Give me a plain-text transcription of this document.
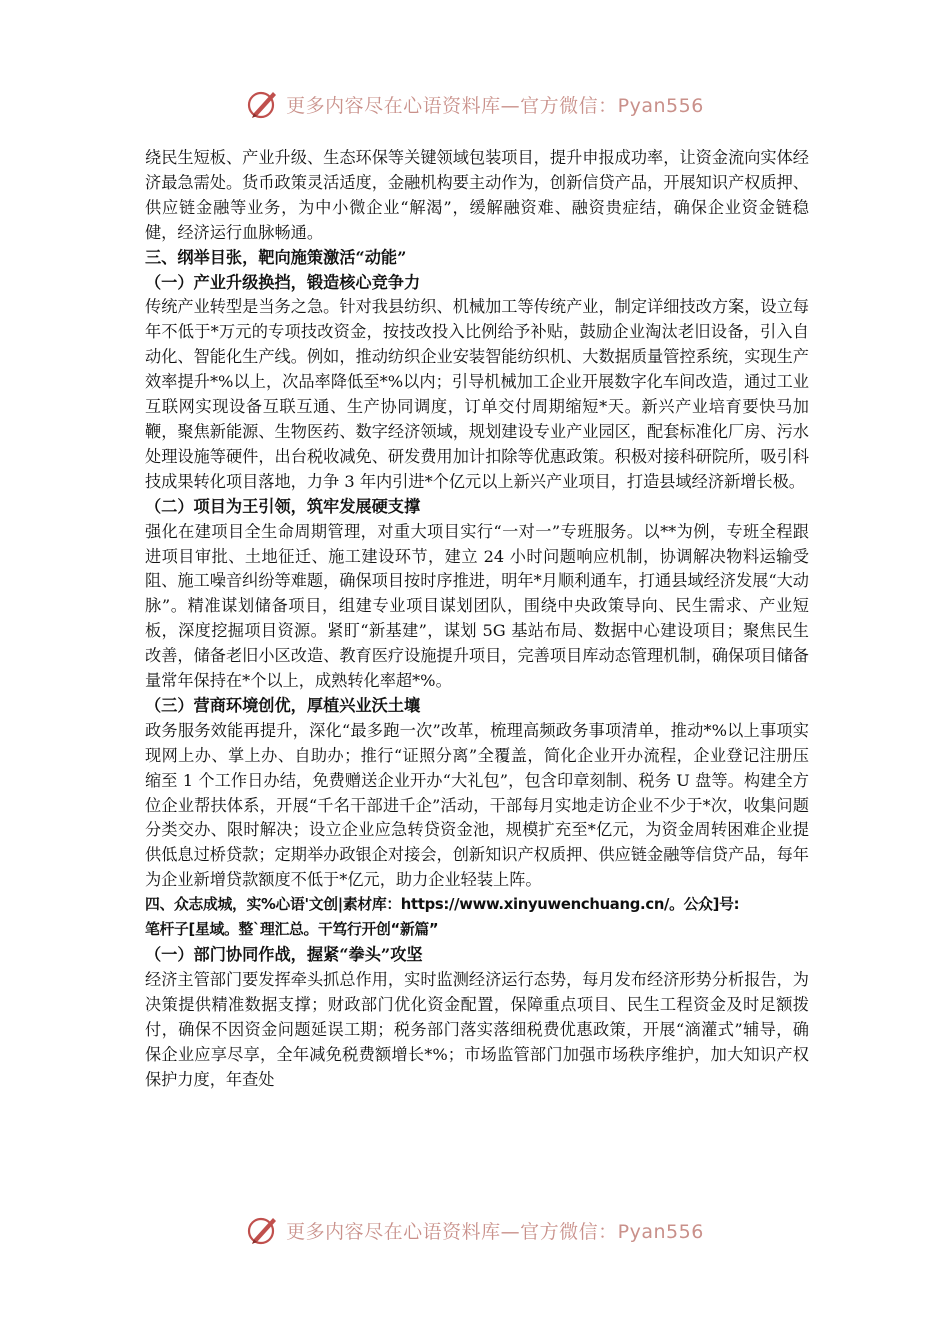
更多内容尽在心语资料库—官方微信：Pyan556

绕民生短板、产业升级、生态环保等关键领域包装项目，提升申报成功率，让资金流向实体经济最急需处。货币政策灵活适度，金融机构要主动作为，创新信贷产品，开展知识产权质押、供应链金融等业务，为中小微企业“解渴”，缓解融资难、融资贵症结，确保企业资金链稳健，经济运行血脉畅通。

三、纲举目张，靶向施策激活“动能”

（一）产业升级换挡，锻造核心竞争力

传统产业转型是当务之急。针对我县纺织、机械加工等传统产业，制定详细技改方案，设立每年不低于*万元的专项技改资金，按技改投入比例给予补贴，鼓励企业淘汰老旧设备，引入自动化、智能化生产线。例如，推动纺织企业安装智能纺织机、大数据质量管控系统，实现生产效率提升*%以上，次品率降低至*%以内；引导机械加工企业开展数字化车间改造，通过工业互联网实现设备互联互通、生产协同调度，订单交付周期缩短*天。新兴产业培育要快马加鞭，聚焦新能源、生物医药、数字经济领域，规划建设专业产业园区，配套标准化厂房、污水处理设施等硬件，出台税收减免、研发费用加计扣除等优惠政策。积极对接科研院所，吸引科技成果转化项目落地，力争 3 年内引进*个亿元以上新兴产业项目，打造县域经济新增长极。

（二）项目为王引领，筑牢发展硬支撑

强化在建项目全生命周期管理，对重大项目实行“一对一”专班服务。以**为例，专班全程跟进项目审批、土地征迁、施工建设环节，建立 24 小时问题响应机制，协调解决物料运输受阻、施工噪音纠纷等难题，确保项目按时序推进，明年*月顺利通车，打通县域经济发展“大动脉”。精准谋划储备项目，组建专业项目谋划团队，围绕中央政策导向、民生需求、产业短板，深度挖掘项目资源。紧盯“新基建”，谋划 5G 基站布局、数据中心建设项目；聚焦民生改善，储备老旧小区改造、教育医疗设施提升项目，完善项目库动态管理机制，确保项目储备量常年保持在*个以上，成熟转化率超*%。

（三）营商环境创优，厚植兴业沃土壤

政务服务效能再提升，深化“最多跑一次”改革，梳理高频政务事项清单，推动*%以上事项实现网上办、掌上办、自助办；推行“证照分离”全覆盖，简化企业开办流程，企业登记注册压缩至 1 个工作日办结，免费赠送企业开办“大礼包”，包含印章刻制、税务 U 盘等。构建全方位企业帮扶体系，开展“千名干部进千企”活动，干部每月实地走访企业不少于*次，收集问题分类交办、限时解决；设立企业应急转贷资金池，规模扩充至*亿元，为资金周转困难企业提供低息过桥贷款；定期举办政银企对接会，创新知识产权质押、供应链金融等信贷产品，每年为企业新增贷款额度不低于*亿元，助力企业轻装上阵。

四、众志成城，实%心语'文创|素材库：https://www.xinyuwenchuang.cn/。公众]号:

笔杆子[星域。整`理汇总。干笃行开创“新篇”

（一）部门协同作战，握紧“拳头”攻坚

经济主管部门要发挥牵头抓总作用，实时监测经济运行态势，每月发布经济形势分析报告，为决策提供精准数据支撑；财政部门优化资金配置，保障重点项目、民生工程资金及时足额拨付，确保不因资金问题延误工期；税务部门落实落细税费优惠政策，开展“滴灌式”辅导，确保企业应享尽享，全年减免税费额增长*%；市场监管部门加强市场秩序维护，加大知识产权保护力度，年查处

更多内容尽在心语资料库—官方微信：Pyan556
